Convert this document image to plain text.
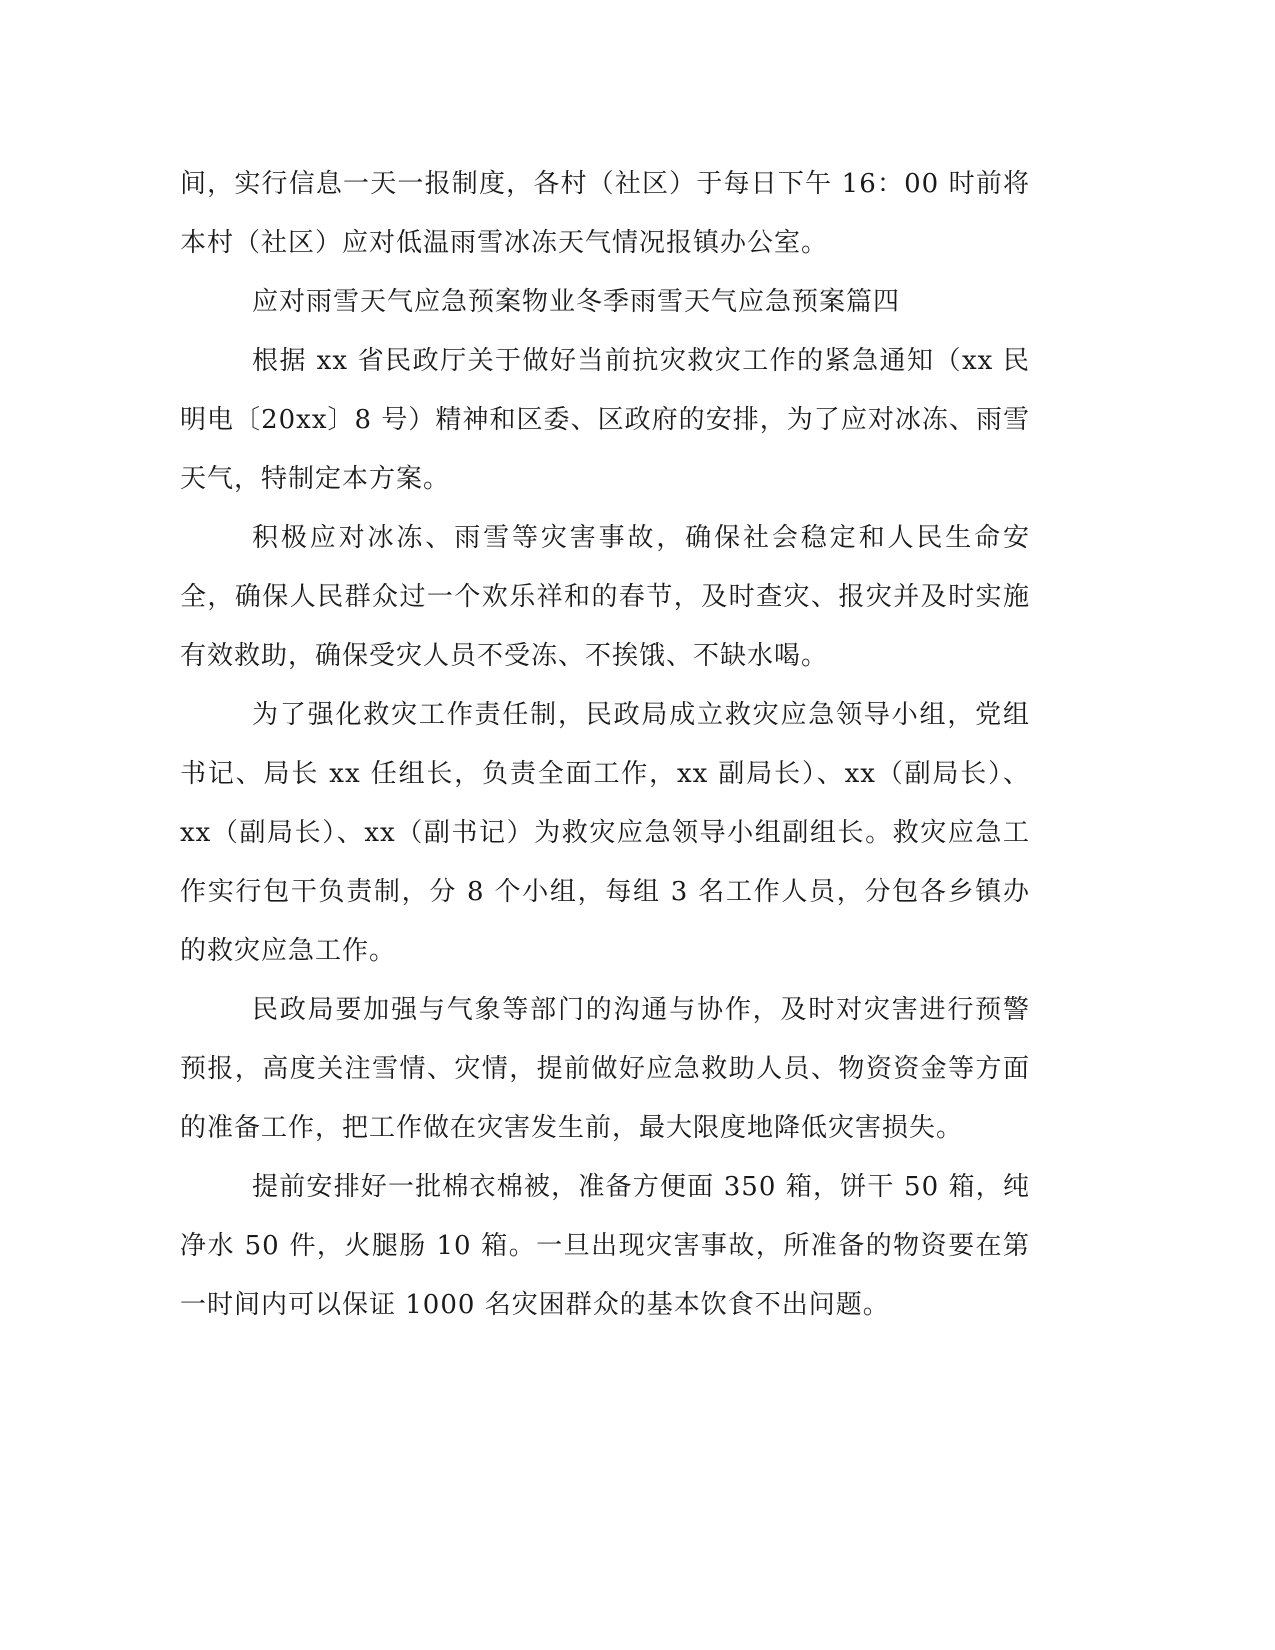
间，实行信息一天一报制度，各村（社区）于每日下午 16：00 时前将本村（社区）应对低温雨雪冰冻天气情况报镇办公室。

应对雨雪天气应急预案物业冬季雨雪天气应急预案篇四

根据 xx 省民政厅关于做好当前抗灾救灾工作的紧急通知（xx 民明电〔20xx〕8 号）精神和区委、区政府的安排，为了应对冰冻、雨雪天气，特制定本方案。

积极应对冰冻、雨雪等灾害事故，确保社会稳定和人民生命安全，确保人民群众过一个欢乐祥和的春节，及时查灾、报灾并及时实施有效救助，确保受灾人员不受冻、不挨饿、不缺水喝。

为了强化救灾工作责任制，民政局成立救灾应急领导小组，党组书记、局长 xx 任组长，负责全面工作，xx 副局长）、xx（副局长）、xx（副局长）、xx（副书记）为救灾应急领导小组副组长。救灾应急工作实行包干负责制，分 8 个小组，每组 3 名工作人员，分包各乡镇办的救灾应急工作。

民政局要加强与气象等部门的沟通与协作，及时对灾害进行预警预报，高度关注雪情、灾情，提前做好应急救助人员、物资资金等方面的准备工作，把工作做在灾害发生前，最大限度地降低灾害损失。

提前安排好一批棉衣棉被，准备方便面 350 箱，饼干 50 箱，纯净水 50 件，火腿肠 10 箱。一旦出现灾害事故，所准备的物资要在第一时间内可以保证 1000 名灾困群众的基本饮食不出问题。
